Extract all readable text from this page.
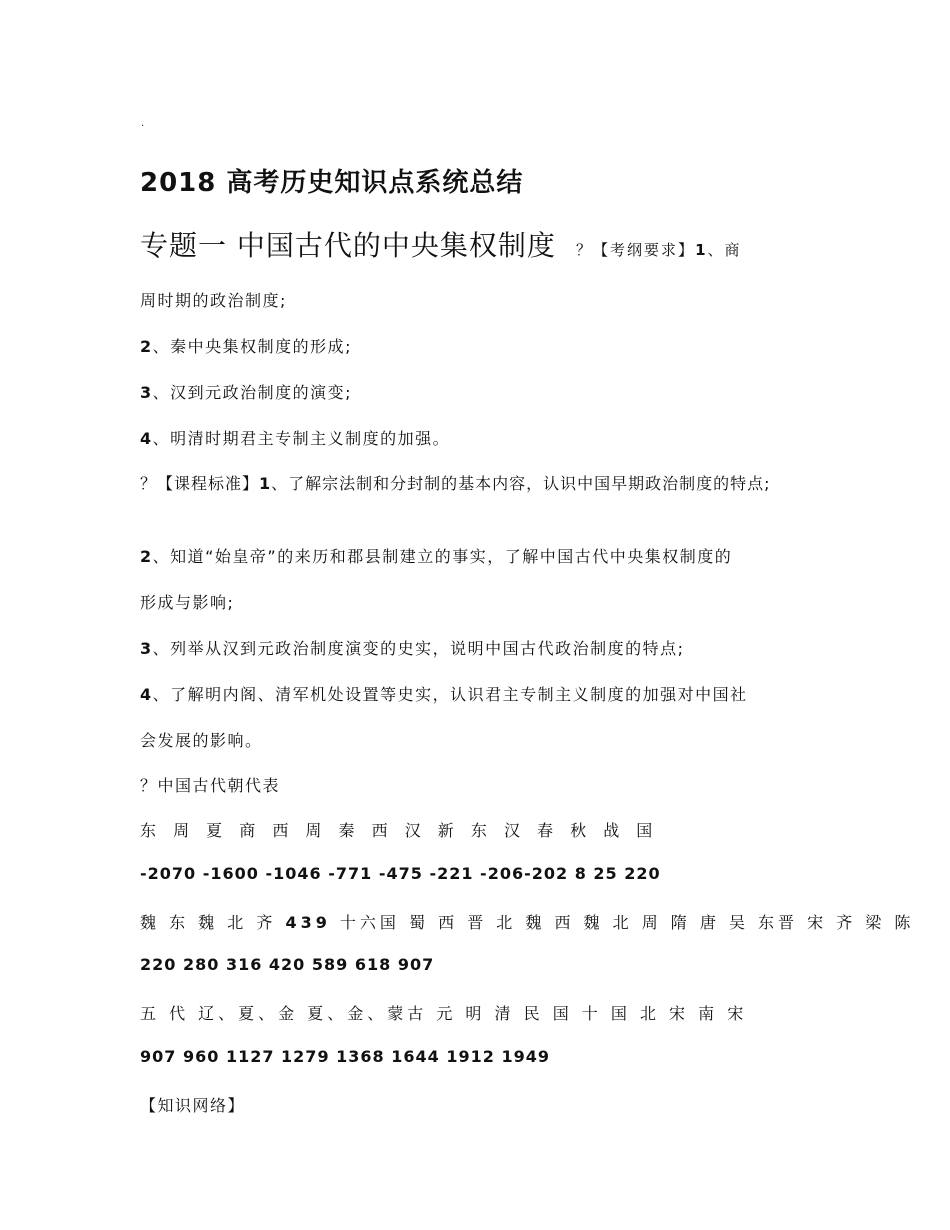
.
2018 高考历史知识点系统总结
专题一 中国古代的中央集权制度 ？【考纲要求】1、商
周时期的政治制度;
2、秦中央集权制度的形成;
3、汉到元政治制度的演变;
4、明清时期君主专制主义制度的加强。
？【课程标准】1、了解宗法制和分封制的基本内容，认识中国早期政治制度的特点;
2、知道“始皇帝”的来历和郡县制建立的事实，了解中国古代中央集权制度的
形成与影响;
3、列举从汉到元政治制度演变的史实，说明中国古代政治制度的特点;
4、了解明内阁、清军机处设置等史实，认识君主专制主义制度的加强对中国社
会发展的影响。
？中国古代朝代表
东 周 夏 商 西 周 秦 西 汉 新 东 汉 春 秋 战 国
-2070 -1600 -1046 -771 -475 -221 -206-202 8 25 220
魏 东 魏 北 齐 439 十六国 蜀 西 晋 北 魏 西 魏 北 周 隋 唐 吴 东晋 宋 齐 梁 陈
220 280 316 420 589 618 907
五 代 辽、夏、金 夏、金、蒙古 元 明 清 民 国 十 国 北 宋 南 宋
907 960 1127 1279 1368 1644 1912 1949
【知识网络】
